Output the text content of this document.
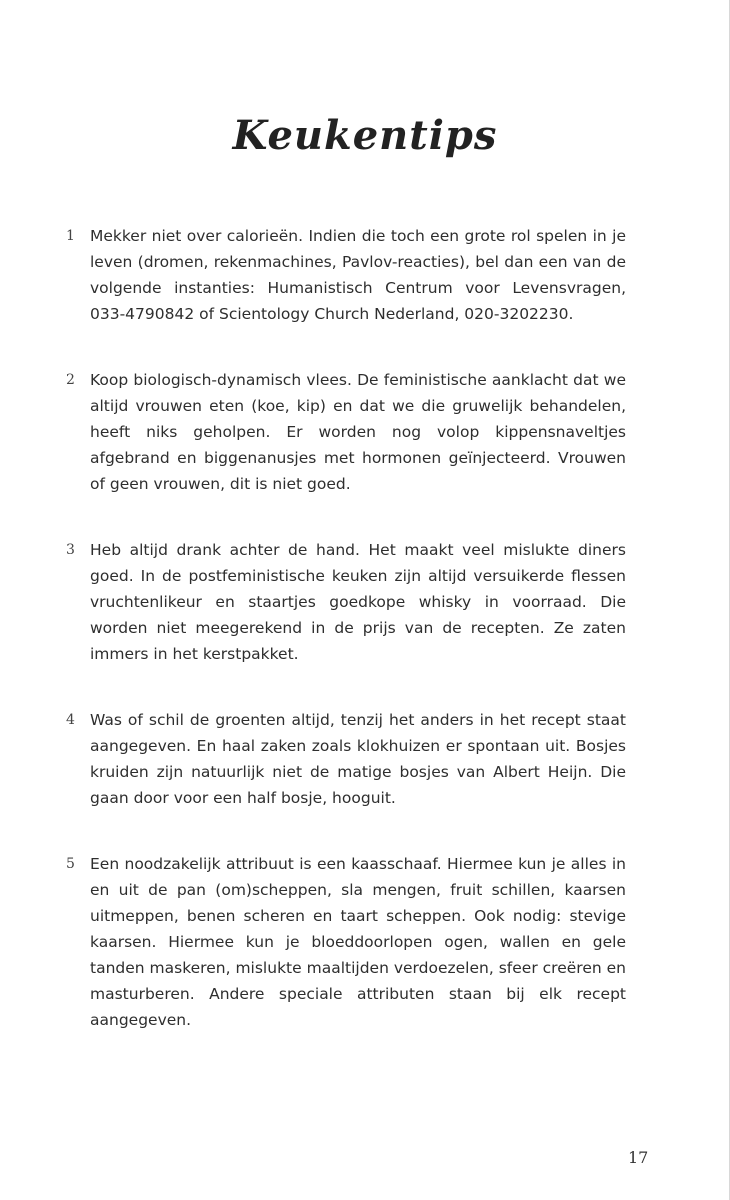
Keukentips
1 Mekker niet over calorieën. Indien die toch een grote rol spelen in je leven (dromen, rekenmachines, Pavlov-reacties), bel dan een van de volgende instanties: Humanistisch Centrum voor Levensvragen, 033-4790842 of Scientology Church Nederland, 020-3202230.
2 Koop biologisch-dynamisch vlees. De feministische aanklacht dat we altijd vrouwen eten (koe, kip) en dat we die gruwelijk behandelen, heeft niks geholpen. Er worden nog volop kippensnaveltjes afgebrand en biggenanusjes met hormonen geïnjecteerd. Vrouwen of geen vrouwen, dit is niet goed.
3 Heb altijd drank achter de hand. Het maakt veel mislukte diners goed. In de postfeministische keuken zijn altijd versuikerde flessen vruchtenlikeur en staartjes goedkope whisky in voorraad. Die worden niet meegerekend in de prijs van de recepten. Ze zaten immers in het kerstpakket.
4 Was of schil de groenten altijd, tenzij het anders in het recept staat aangegeven. En haal zaken zoals klokhuizen er spontaan uit. Bosjes kruiden zijn natuurlijk niet de matige bosjes van Albert Heijn. Die gaan door voor een half bosje, hooguit.
5 Een noodzakelijk attribuut is een kaasschaaf. Hiermee kun je alles in en uit de pan (om)scheppen, sla mengen, fruit schillen, kaarsen uitmeppen, benen scheren en taart scheppen. Ook nodig: stevige kaarsen. Hiermee kun je bloeddoorlopen ogen, wallen en gele tanden maskeren, mislukte maaltijden verdoezelen, sfeer creëren en masturberen. Andere speciale attributen staan bij elk recept aangegeven.
17
